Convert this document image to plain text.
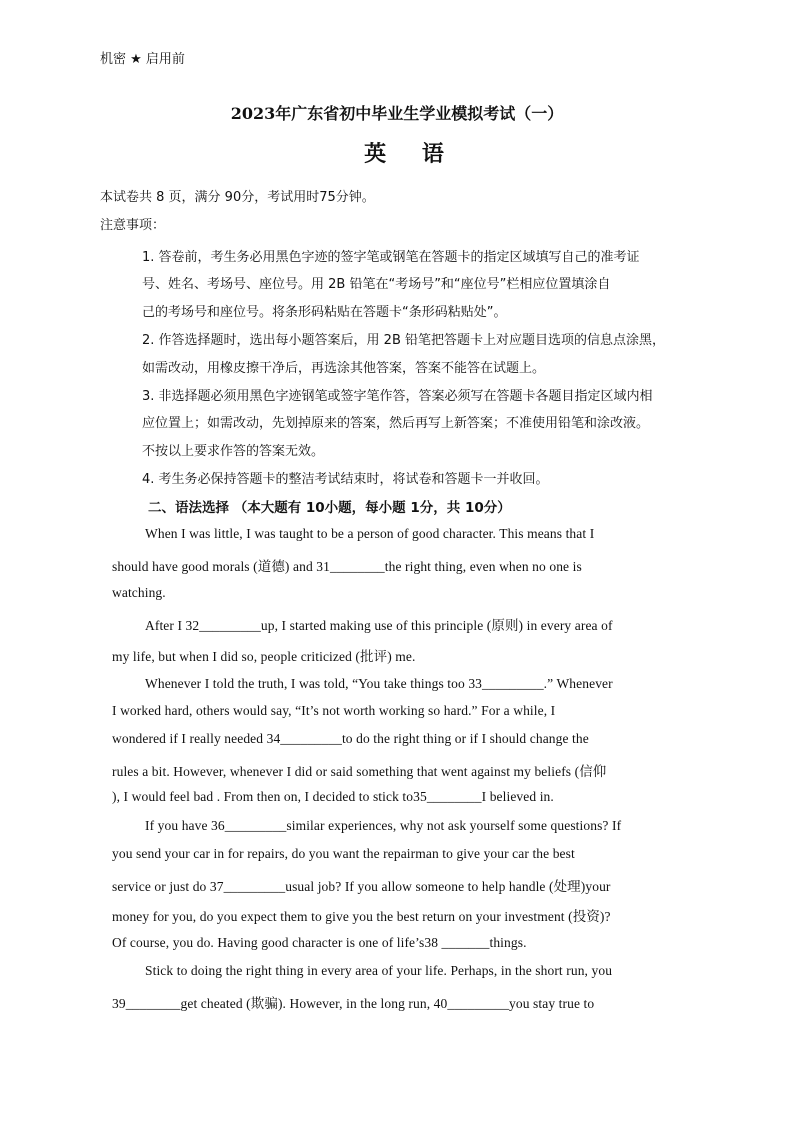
机密 ★ 启用前
2023年广东省初中毕业生学业模拟考试（一）
英 语
本试卷共 8 页，满分 90分，考试用时75分钟。
注意事项：
1. 答卷前，考生务必用黑色字迹的签字笔或钢笔在答题卡的指定区域填写自己的准考证
号、姓名、考场号、座位号。用 2B 铅笔在“考场号”和“座位号”栏相应位置填涂自
己的考场号和座位号。将条形码粘贴在答题卡“条形码粘贴处”。
2. 作答选择题时，选出每小题答案后，用 2B 铅笔把答题卡上对应题目选项的信息点涂黑，
如需改动，用橡皮擦干净后，再选涂其他答案，答案不能答在试题上。
3. 非选择题必须用黑色字迹钢笔或签字笔作答，答案必须写在答题卡各题目指定区域内相
应位置上；如需改动，先划掉原来的答案，然后再写上新答案；不准使用铅笔和涂改液。
不按以上要求作答的答案无效。
4. 考生务必保持答题卡的整洁考试结束时，将试卷和答题卡一并收回。
二、语法选择 （本大题有 10小题，每小题 1分，共 10分）
When I was little, I was taught to be a person of good character. This means that I
should have good morals (道德) and 31________the right thing, even when no one is
watching.
After I 32_________up, I started making use of this principle (原则) in every area of
my life, but when I did so, people criticized (批评) me.
Whenever I told the truth, I was told, “You take things too 33_________.” Whenever
I worked hard, others would say, “It’s not worth working so hard.” For a while, I
wondered if I really needed 34_________to do the right thing or if I should change the
rules a bit. However, whenever I did or said something that went against my beliefs (信仰
), I would feel bad . From then on, I decided to stick to35________I believed in.
If you have 36_________similar experiences, why not ask yourself some questions? If
you send your car in for repairs, do you want the repairman to give your car the best
service or just do 37_________usual job? If you allow someone to help handle (处理)your
money for you, do you expect them to give you the best return on your investment (投资)?
Of course, you do. Having good character is one of life’s38 _______things.
Stick to doing the right thing in every area of your life. Perhaps, in the short run, you
39________get cheated (欺骗). However, in the long run, 40_________you stay true to
